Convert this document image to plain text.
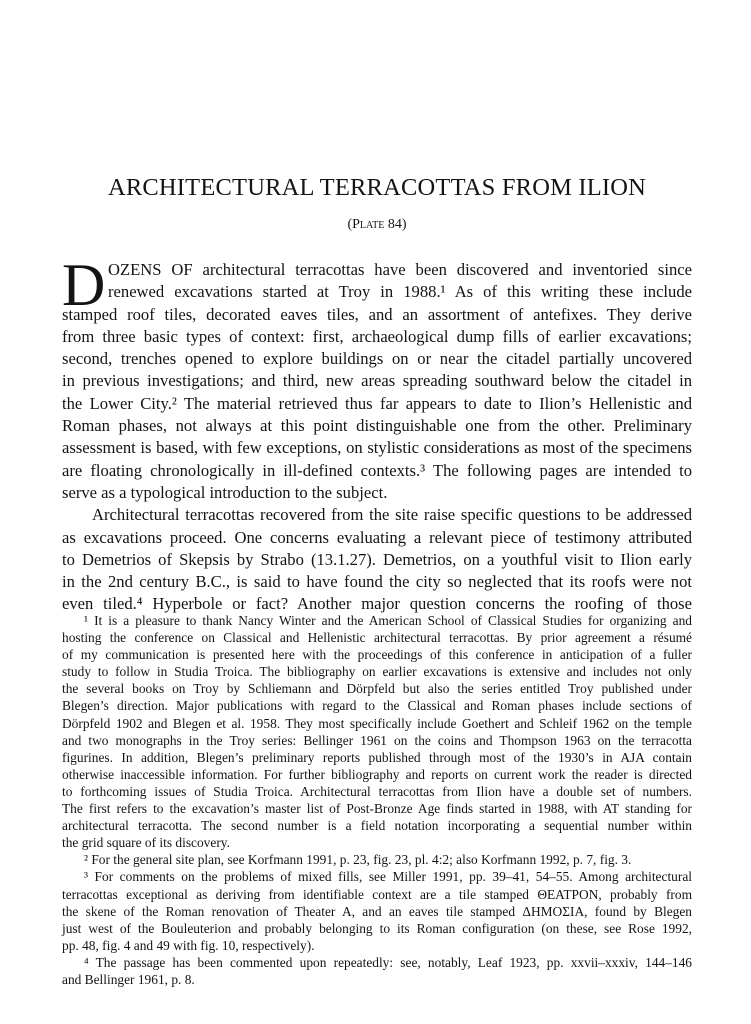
ARCHITECTURAL TERRACOTTAS FROM ILION
(Plate 84)
D OZENS OF architectural terracottas have been discovered and inventoried since
renewed excavations started at Troy in 1988.¹ As of this writing these include
stamped roof tiles, decorated eaves tiles, and an assortment of antefixes. They derive
from three basic types of context: first, archaeological dump fills of earlier excavations;
second, trenches opened to explore buildings on or near the citadel partially uncovered
in previous investigations; and third, new areas spreading southward below the citadel in
the Lower City.² The material retrieved thus far appears to date to Ilion’s Hellenistic and
Roman phases, not always at this point distinguishable one from the other. Preliminary
assessment is based, with few exceptions, on stylistic considerations as most of the specimens
are floating chronologically in ill-defined contexts.³ The following pages are intended to
serve as a typological introduction to the subject.
Architectural terracottas recovered from the site raise specific questions to be addressed
as excavations proceed. One concerns evaluating a relevant piece of testimony attributed
to Demetrios of Skepsis by Strabo (13.1.27). Demetrios, on a youthful visit to Ilion early
in the 2nd century B.C., is said to have found the city so neglected that its roofs were not
even tiled.⁴ Hyperbole or fact? Another major question concerns the roofing of those
¹ It is a pleasure to thank Nancy Winter and the American School of Classical Studies for organizing and
hosting the conference on Classical and Hellenistic architectural terracottas. By prior agreement a résumé
of my communication is presented here with the proceedings of this conference in anticipation of a fuller
study to follow in Studia Troica. The bibliography on earlier excavations is extensive and includes not only
the several books on Troy by Schliemann and Dörpfeld but also the series entitled Troy published under
Blegen’s direction. Major publications with regard to the Classical and Roman phases include sections of
Dörpfeld 1902 and Blegen et al. 1958. They most specifically include Goethert and Schleif 1962 on the temple
and two monographs in the Troy series: Bellinger 1961 on the coins and Thompson 1963 on the terracotta
figurines. In addition, Blegen’s preliminary reports published through most of the 1930’s in AJA contain
otherwise inaccessible information. For further bibliography and reports on current work the reader is directed
to forthcoming issues of Studia Troica. Architectural terracottas from Ilion have a double set of numbers.
The first refers to the excavation’s master list of Post-Bronze Age finds started in 1988, with AT standing for
architectural terracotta. The second number is a field notation incorporating a sequential number within
the grid square of its discovery.
² For the general site plan, see Korfmann 1991, p. 23, fig. 23, pl. 4:2; also Korfmann 1992, p. 7, fig. 3.
³ For comments on the problems of mixed fills, see Miller 1991, pp. 39–41, 54–55. Among architectural
terracottas exceptional as deriving from identifiable context are a tile stamped ΘΕΑΤΡΟΝ, probably from
the skene of the Roman renovation of Theater A, and an eaves tile stamped ΔΗΜΟΣΙΑ, found by Blegen
just west of the Bouleuterion and probably belonging to its Roman configuration (on these, see Rose 1992,
pp. 48, fig. 4 and 49 with fig. 10, respectively).
⁴ The passage has been commented upon repeatedly: see, notably, Leaf 1923, pp. xxvii–xxxiv, 144–146
and Bellinger 1961, p. 8.
